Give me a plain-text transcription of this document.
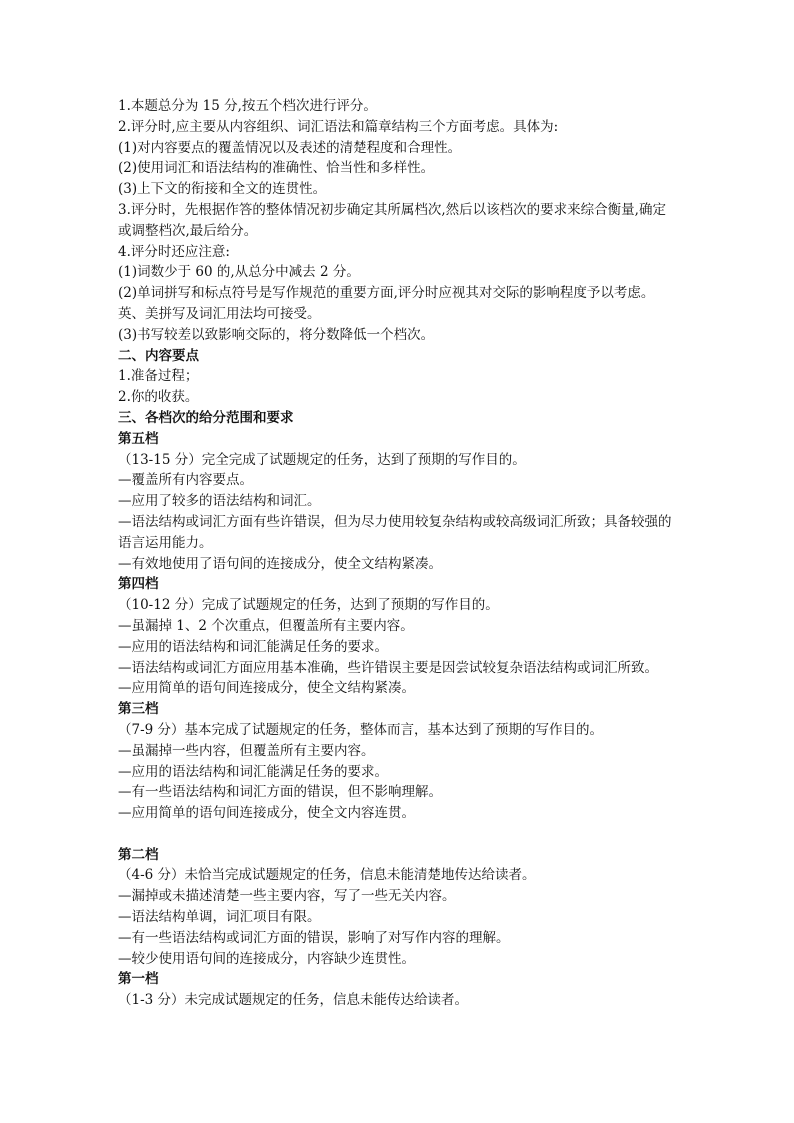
1.本题总分为 15 分,按五个档次进行评分。
2.评分时,应主要从内容组织、词汇语法和篇章结构三个方面考虑。具体为:
(1)对内容要点的覆盖情况以及表述的清楚程度和合理性。
(2)使用词汇和语法结构的准确性、恰当性和多样性。
(3)上下文的衔接和全文的连贯性。
3.评分时，先根据作答的整体情况初步确定其所属档次,然后以该档次的要求来综合衡量,确定或调整档次,最后给分。
4.评分时还应注意:
(1)词数少于 60 的,从总分中减去 2 分。
(2)单词拼写和标点符号是写作规范的重要方面,评分时应视其对交际的影响程度予以考虑。
英、美拼写及词汇用法均可接受。
(3)书写较差以致影响交际的，将分数降低一个档次。
二、内容要点
1.准备过程；
2.你的收获。
三、各档次的给分范围和要求
第五档
（13-15 分）完全完成了试题规定的任务，达到了预期的写作目的。
—覆盖所有内容要点。
—应用了较多的语法结构和词汇。
—语法结构或词汇方面有些许错误，但为尽力使用较复杂结构或较高级词汇所致；具备较强的语言运用能力。
—有效地使用了语句间的连接成分，使全文结构紧凑。
第四档
（10-12 分）完成了试题规定的任务，达到了预期的写作目的。
—虽漏掉 1、2 个次重点，但覆盖所有主要内容。
—应用的语法结构和词汇能满足任务的要求。
—语法结构或词汇方面应用基本准确，些许错误主要是因尝试较复杂语法结构或词汇所致。
—应用简单的语句间连接成分，使全文结构紧凑。
第三档
（7-9 分）基本完成了试题规定的任务，整体而言，基本达到了预期的写作目的。
—虽漏掉一些内容，但覆盖所有主要内容。
—应用的语法结构和词汇能满足任务的要求。
—有一些语法结构和词汇方面的错误，但不影响理解。
—应用简单的语句间连接成分，使全文内容连贯。
第二档
（4-6 分）未恰当完成试题规定的任务，信息未能清楚地传达给读者。
—漏掉或未描述清楚一些主要内容，写了一些无关内容。
—语法结构单调，词汇项目有限。
—有一些语法结构或词汇方面的错误，影响了对写作内容的理解。
—较少使用语句间的连接成分，内容缺少连贯性。
第一档
（1-3 分）未完成试题规定的任务，信息未能传达给读者。
